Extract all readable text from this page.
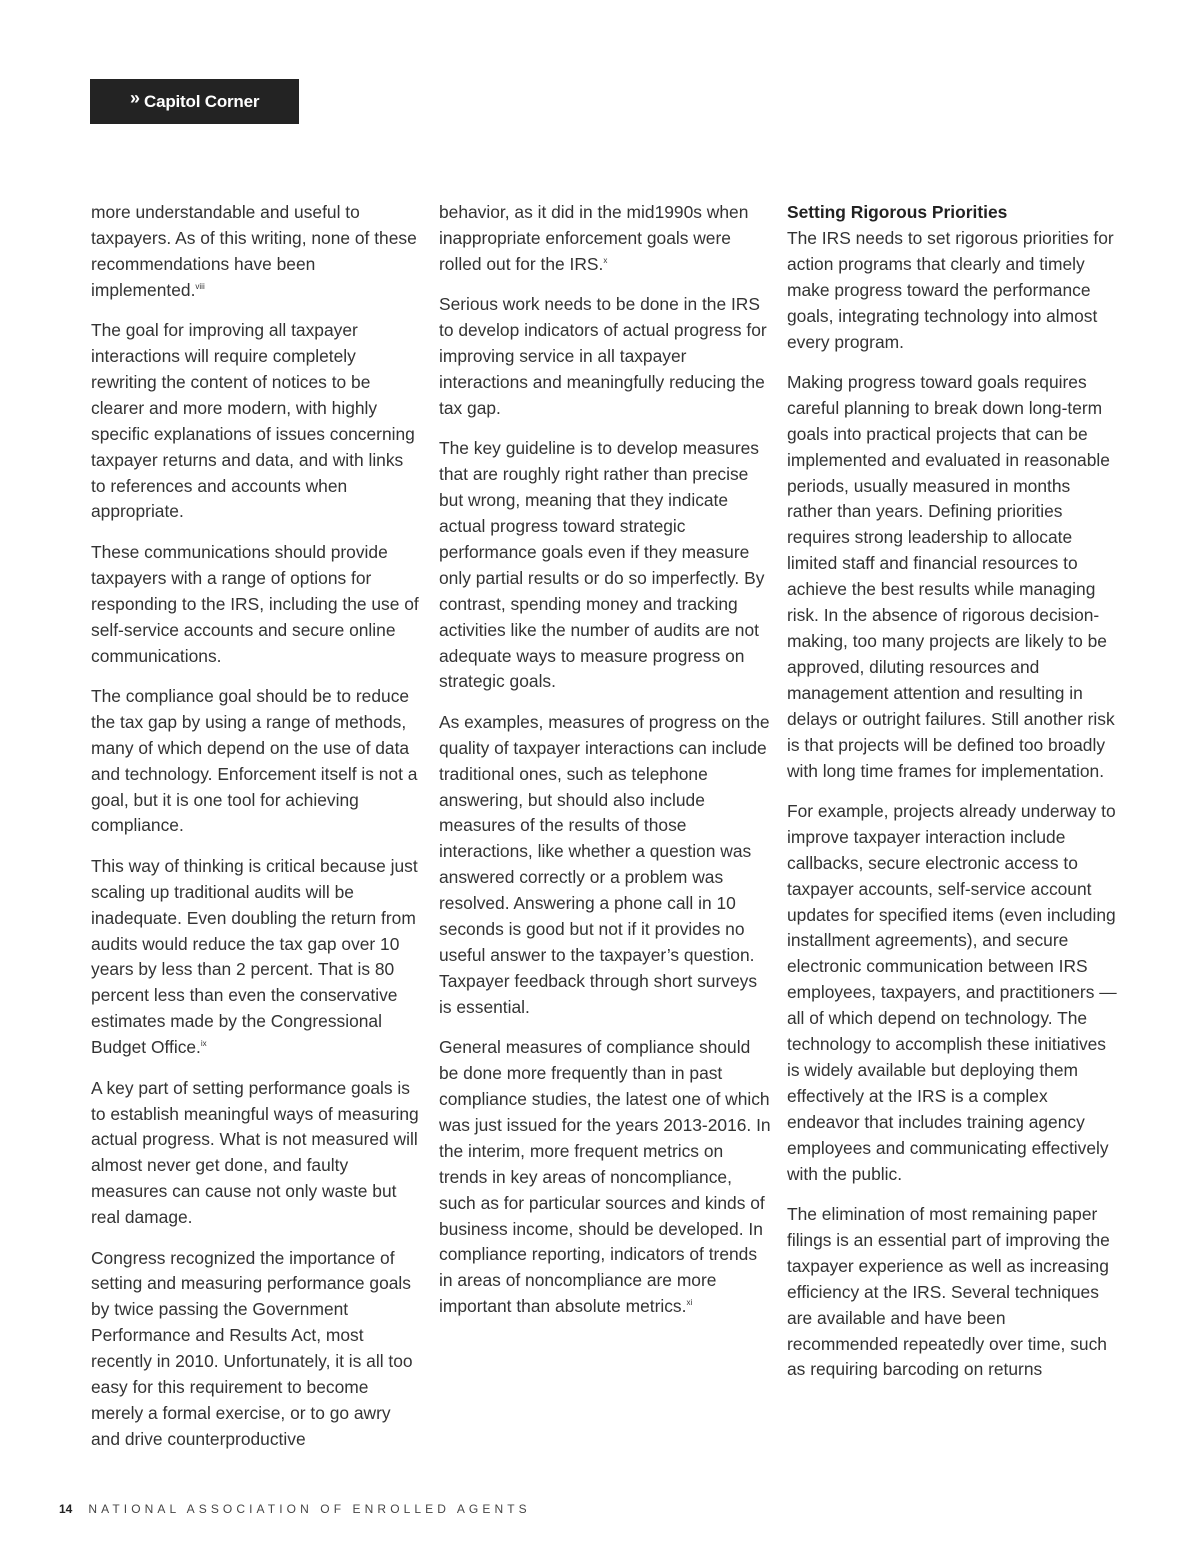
» Capitol Corner

more understandable and useful to taxpayers. As of this writing, none of these recommendations have been implemented.$^{viii}$

The goal for improving all taxpayer interactions will require completely rewriting the content of notices to be clearer and more modern, with highly specific explanations of issues concerning taxpayer returns and data, and with links to references and accounts when appropriate.

These communications should provide taxpayers with a range of options for responding to the IRS, including the use of self-service accounts and secure online communications.

The compliance goal should be to reduce the tax gap by using a range of methods, many of which depend on the use of data and technology. Enforcement itself is not a goal, but it is one tool for achieving compliance.

This way of thinking is critical because just scaling up traditional audits will be inadequate. Even doubling the return from audits would reduce the tax gap over 10 years by less than 2 percent. That is 80 percent less than even the conservative estimates made by the Congressional Budget Office.$^{ix}$

A key part of setting performance goals is to establish meaningful ways of measuring actual progress. What is not measured will almost never get done, and faulty measures can cause not only waste but real damage.

Congress recognized the importance of setting and measuring performance goals by twice passing the Government Performance and Results Act, most recently in 2010. Unfortunately, it is all too easy for this requirement to become merely a formal exercise, or to go awry and drive counterproductive

behavior, as it did in the mid1990s when inappropriate enforcement goals were rolled out for the IRS.$^x$

Serious work needs to be done in the IRS to develop indicators of actual progress for improving service in all taxpayer interactions and meaningfully reducing the tax gap.

The key guideline is to develop measures that are roughly right rather than precise but wrong, meaning that they indicate actual progress toward strategic performance goals even if they measure only partial results or do so imperfectly. By contrast, spending money and tracking activities like the number of audits are not adequate ways to measure progress on strategic goals.

As examples, measures of progress on the quality of taxpayer interactions can include traditional ones, such as telephone answering, but should also include measures of the results of those interactions, like whether a question was answered correctly or a problem was resolved. Answering a phone call in 10 seconds is good but not if it provides no useful answer to the taxpayer’s question. Taxpayer feedback through short surveys is essential.

General measures of compliance should be done more frequently than in past compliance studies, the latest one of which was just issued for the years 2013-2016. In the interim, more frequent metrics on trends in key areas of noncompliance, such as for particular sources and kinds of business income, should be developed. In compliance reporting, indicators of trends in areas of noncompliance are more important than absolute metrics.$^{xi}$

Setting Rigorous Priorities

The IRS needs to set rigorous priorities for action programs that clearly and timely make progress toward the performance goals, integrating technology into almost every program.

Making progress toward goals requires careful planning to break down long-term goals into practical projects that can be implemented and evaluated in reasonable periods, usually measured in months rather than years. Defining priorities requires strong leadership to allocate limited staff and financial resources to achieve the best results while managing risk. In the absence of rigorous decision-making, too many projects are likely to be approved, diluting resources and management attention and resulting in delays or outright failures. Still another risk is that projects will be defined too broadly with long time frames for implementation.

For example, projects already underway to improve taxpayer interaction include callbacks, secure electronic access to taxpayer accounts, self-service account updates for specified items (even including installment agreements), and secure electronic communication between IRS employees, taxpayers, and practitioners — all of which depend on technology. The technology to accomplish these initiatives is widely available but deploying them effectively at the IRS is a complex endeavor that includes training agency employees and communicating effectively with the public.

The elimination of most remaining paper filings is an essential part of improving the taxpayer experience as well as increasing efficiency at the IRS. Several techniques are available and have been recommended repeatedly over time, such as requiring barcoding on returns

14 NATIONAL ASSOCIATION OF ENROLLED AGENTS
